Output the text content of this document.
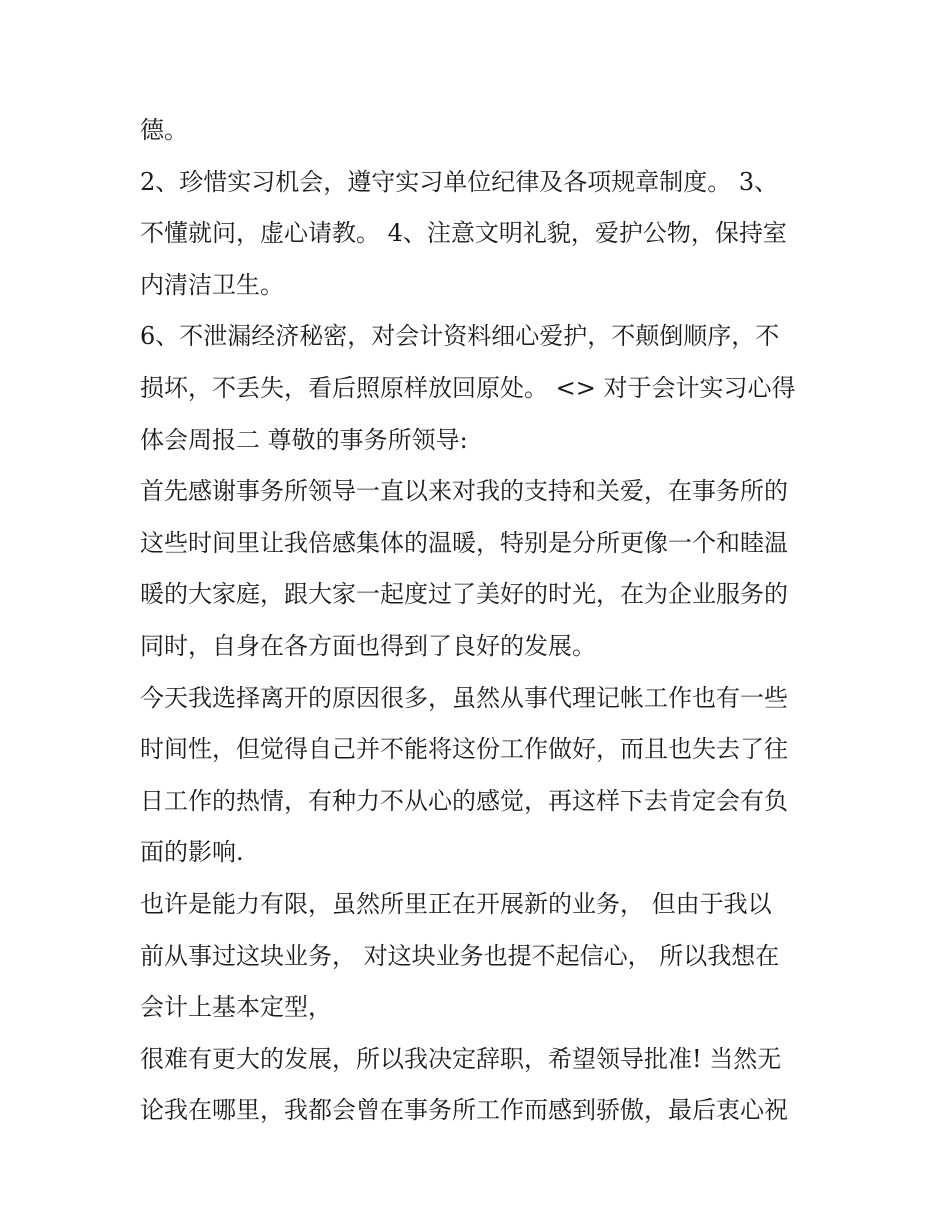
德。
2、珍惜实习机会，遵守实习单位纪律及各项规章制度。 3、
不懂就问，虚心请教。 4、注意文明礼貌，爱护公物，保持室
内清洁卫生。
6、不泄漏经济秘密，对会计资料细心爱护，不颠倒顺序，不
损坏，不丢失，看后照原样放回原处。 <> 对于会计实习心得
体会周报二 尊敬的事务所领导:
首先感谢事务所领导一直以来对我的支持和关爱，在事务所的
这些时间里让我倍感集体的温暖，特别是分所更像一个和睦温
暖的大家庭，跟大家一起度过了美好的时光，在为企业服务的
同时，自身在各方面也得到了良好的发展。
今天我选择离开的原因很多，虽然从事代理记帐工作也有一些
时间性，但觉得自己并不能将这份工作做好，而且也失去了往
日工作的热情，有种力不从心的感觉，再这样下去肯定会有负
面的影响.
也许是能力有限，虽然所里正在开展新的业务， 但由于我以
前从事过这块业务， 对这块业务也提不起信心， 所以我想在
会计上基本定型，
很难有更大的发展，所以我决定辞职，希望领导批准! 当然无
论我在哪里，我都会曾在事务所工作而感到骄傲，最后衷心祝
